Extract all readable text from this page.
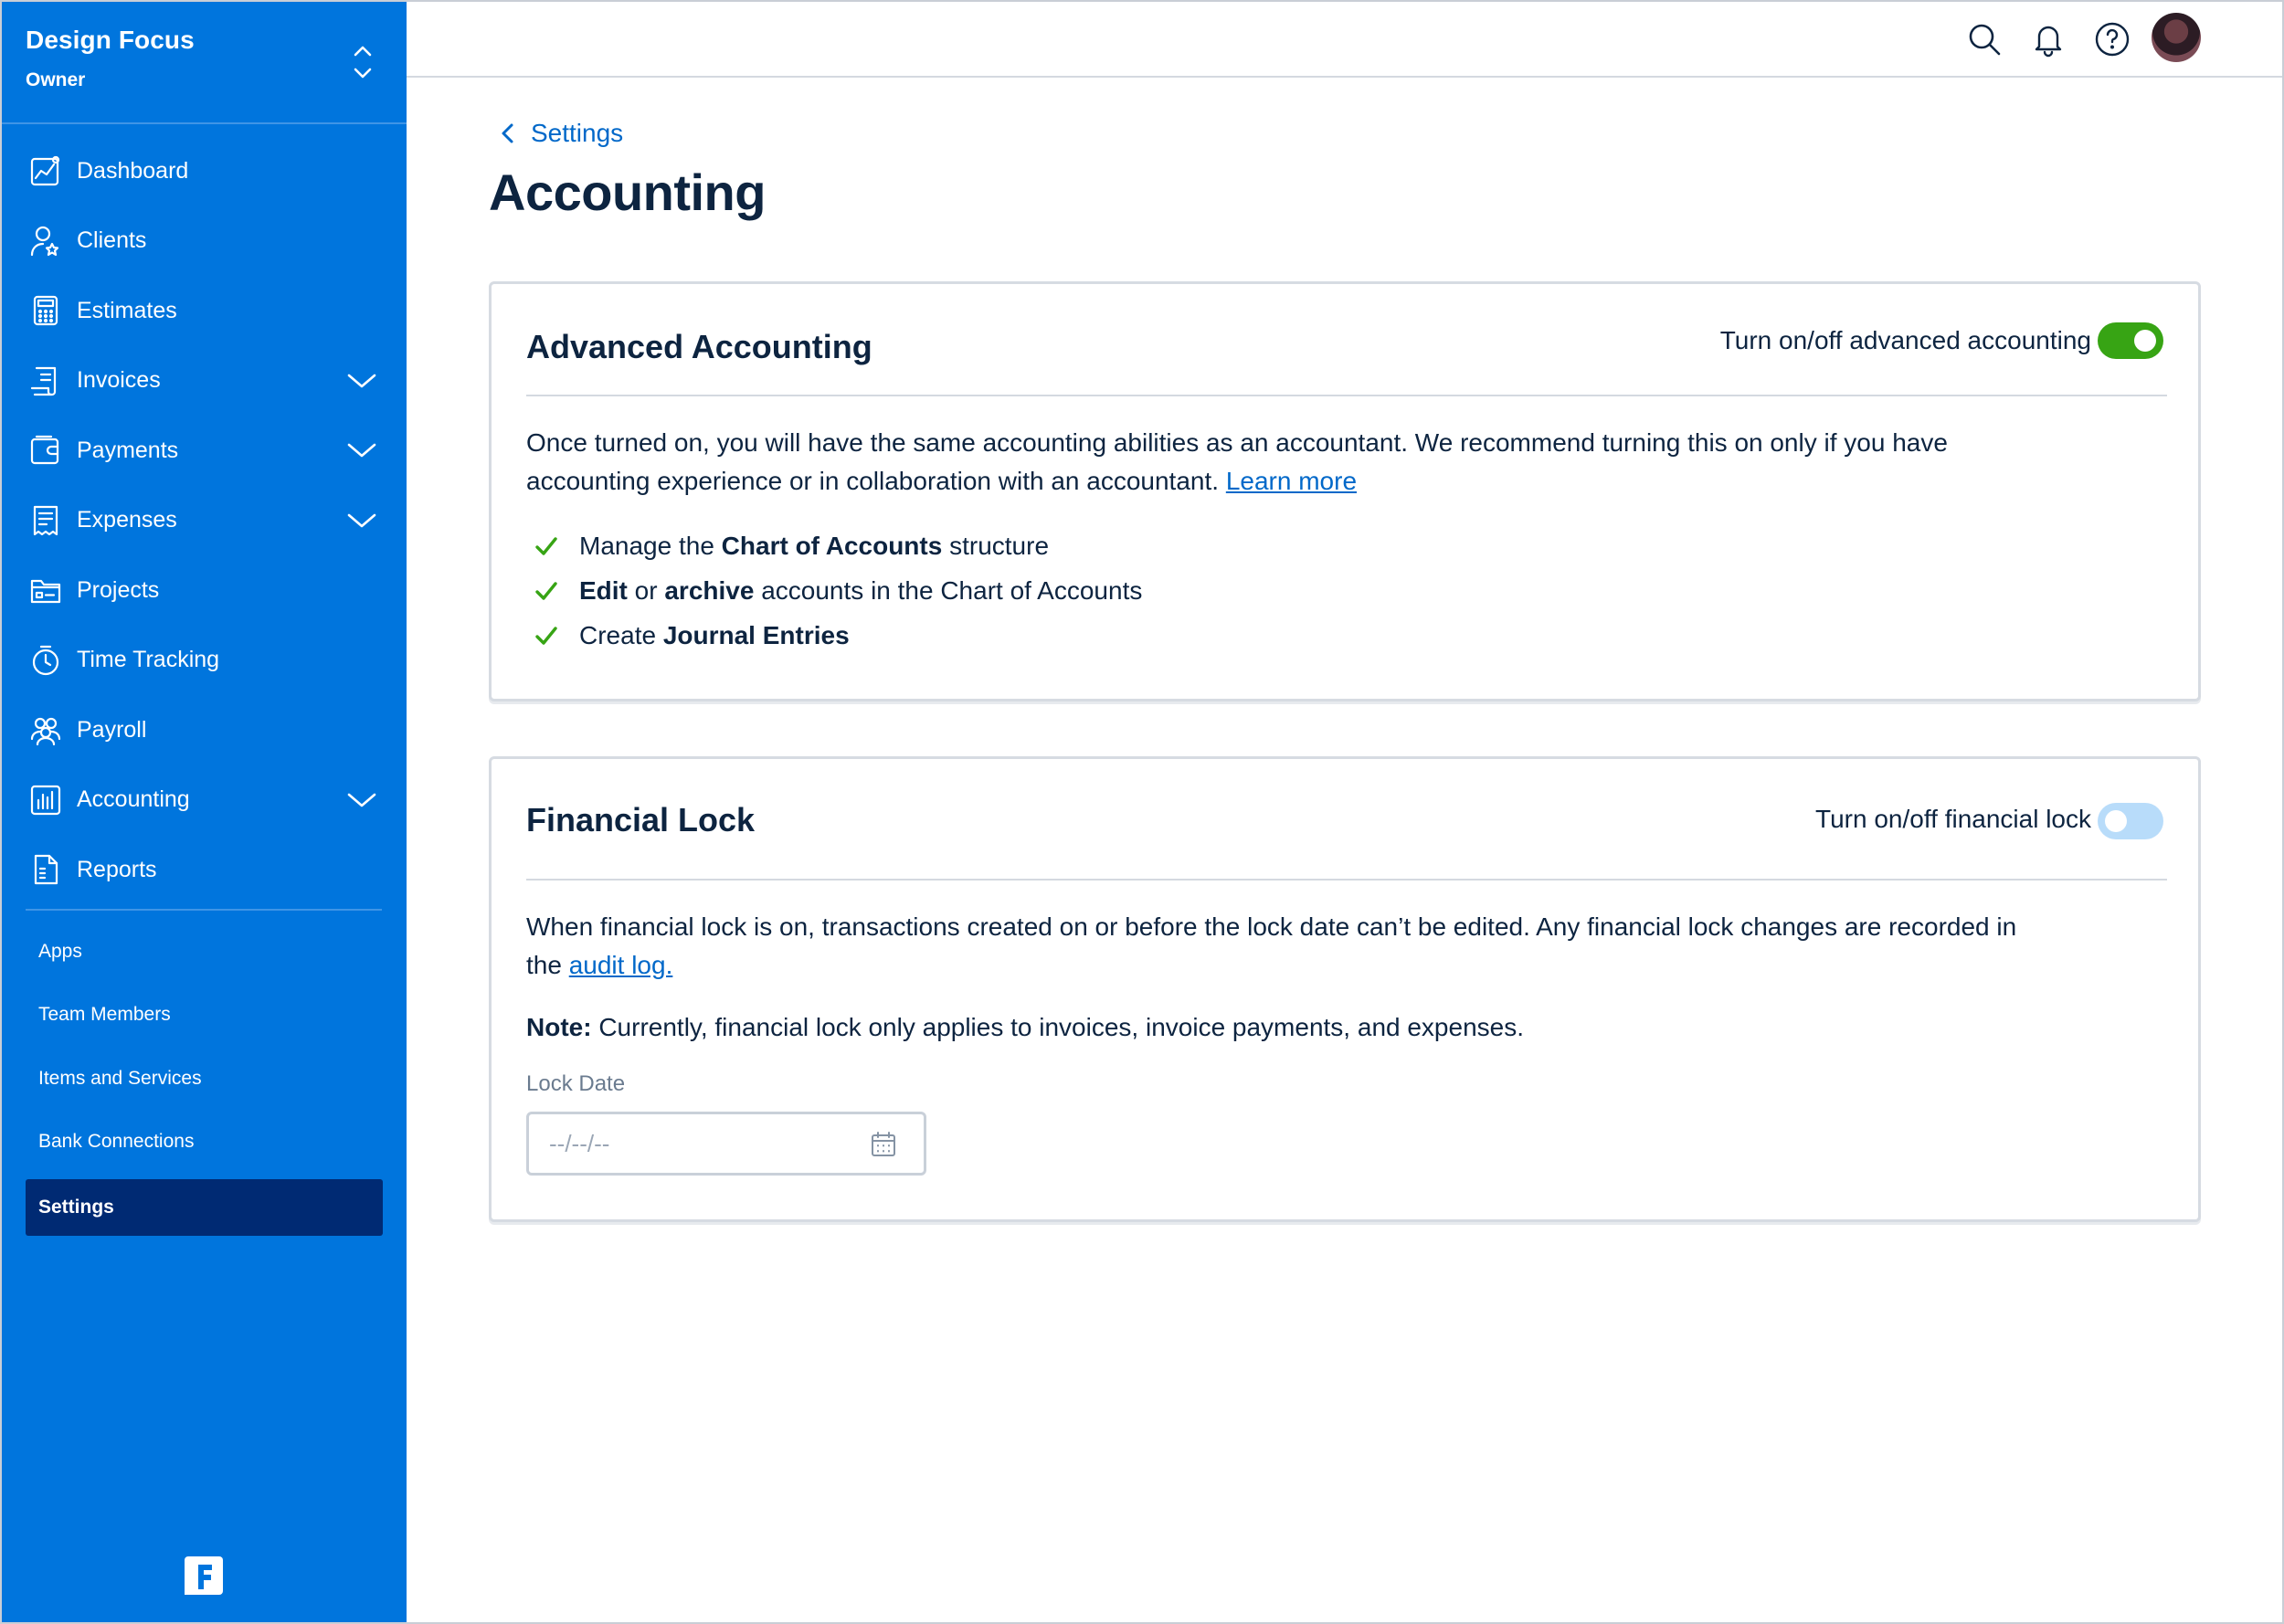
Design Focus
Owner
Dashboard
Clients
Estimates
Invoices
Payments
Expenses
Projects
Time Tracking
Payroll
Accounting
Reports
Apps
Team Members
Items and Services
Bank Connections
Settings
Settings
Accounting
Advanced Accounting	Turn on/off advanced accounting

Once turned on, you will have the same accounting abilities as an accountant. We recommend turning this on only if you have accounting experience or in collaboration with an accountant. Learn more

Manage the Chart of Accounts structure
Edit or archive accounts in the Chart of Accounts
Create Journal Entries
Financial Lock	Turn on/off financial lock

When financial lock is on, transactions created on or before the lock date can’t be edited. Any financial lock changes are recorded in the audit log.

Note: Currently, financial lock only applies to invoices, invoice payments, and expenses.

Lock Date
--/--/--
